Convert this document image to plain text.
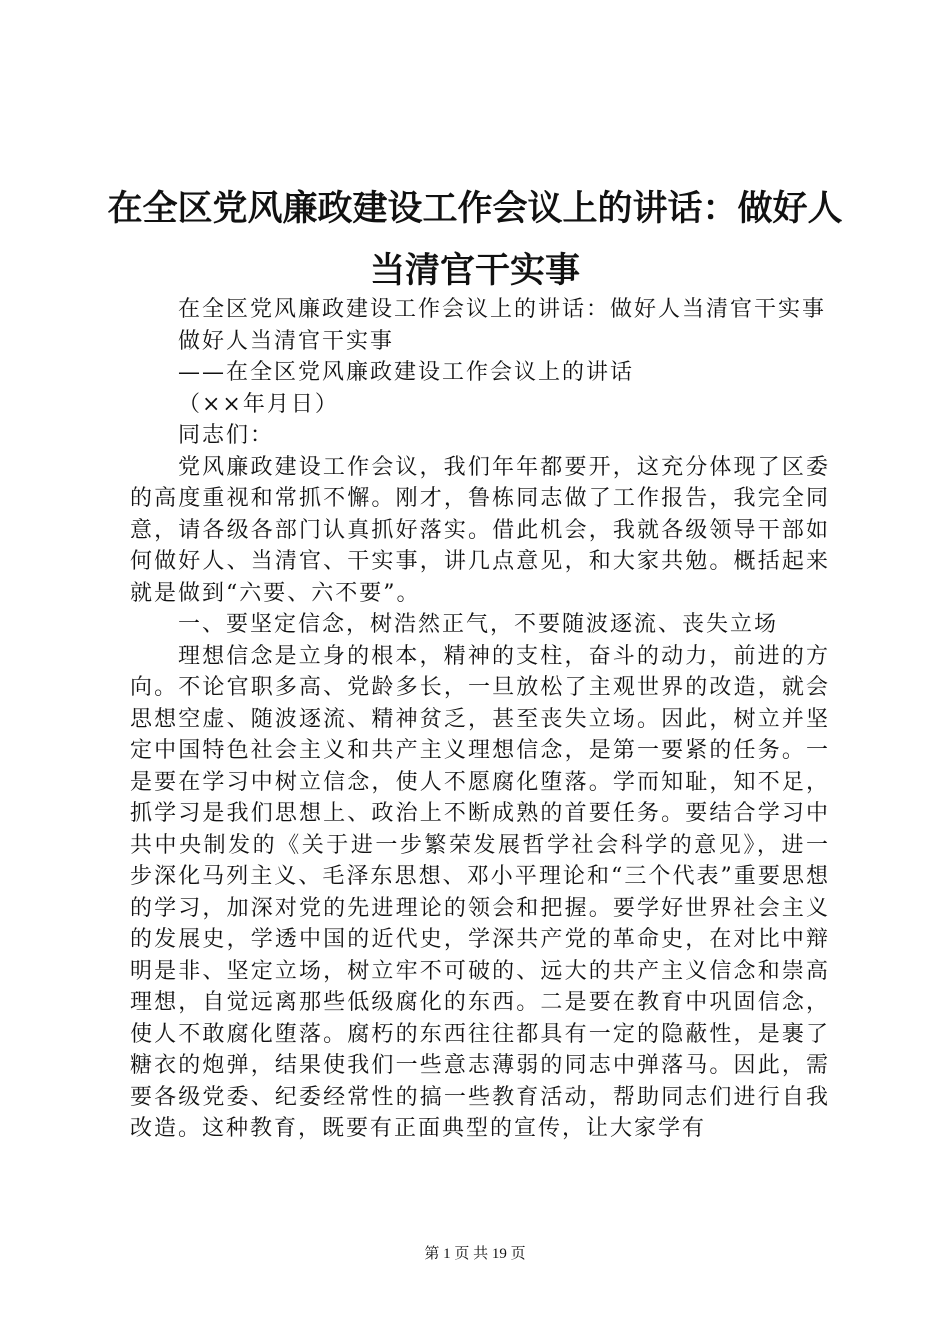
在全区党风廉政建设工作会议上的讲话：做好人当清官干实事

在全区党风廉政建设工作会议上的讲话：做好人当清官干实事

做好人当清官干实事

——在全区党风廉政建设工作会议上的讲话

（××年月日）

同志们：

党风廉政建设工作会议，我们年年都要开，这充分体现了区委的高度重视和常抓不懈。刚才，鲁栋同志做了工作报告，我完全同意，请各级各部门认真抓好落实。借此机会，我就各级领导干部如何做好人、当清官、干实事，讲几点意见，和大家共勉。概括起来就是做到“六要、六不要”。

一、要坚定信念，树浩然正气，不要随波逐流、丧失立场

理想信念是立身的根本，精神的支柱，奋斗的动力，前进的方向。不论官职多高、党龄多长，一旦放松了主观世界的改造，就会思想空虚、随波逐流、精神贫乏，甚至丧失立场。因此，树立并坚定中国特色社会主义和共产主义理想信念，是第一要紧的任务。一是要在学习中树立信念，使人不愿腐化堕落。学而知耻，知不足，抓学习是我们思想上、政治上不断成熟的首要任务。要结合学习中共中央制发的《关于进一步繁荣发展哲学社会科学的意见》，进一步深化马列主义、毛泽东思想、邓小平理论和“三个代表”重要思想的学习，加深对党的先进理论的领会和把握。要学好世界社会主义的发展史，学透中国的近代史，学深共产党的革命史，在对比中辩明是非、坚定立场，树立牢不可破的、远大的共产主义信念和崇高理想，自觉远离那些低级腐化的东西。二是要在教育中巩固信念，使人不敢腐化堕落。腐朽的东西往往都具有一定的隐蔽性，是裹了糖衣的炮弹，结果使我们一些意志薄弱的同志中弹落马。因此，需要各级党委、纪委经常性的搞一些教育活动，帮助同志们进行自我改造。这种教育，既要有正面典型的宣传，让大家学有

第 1 页 共 19 页
